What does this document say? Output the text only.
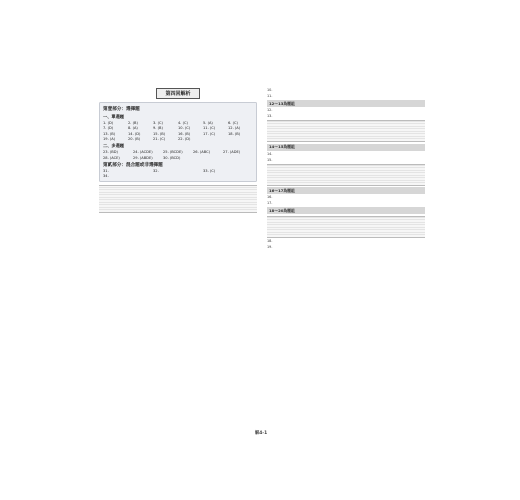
第四回解析
第壹部分：選擇題
一、單選題
1. (D)	2. (B)	3. (C)	4. (C)	5. (A)	6. (C)
7. (D)	8. (A)	9. (B)	10. (C)	11. (C)	12. (A)
13. (B)	14. (D)	15. (B)	16. (B)	17. (C)	18. (B)
19. (A)	20. (B)	21. (C)	22. (D)
二、多選題
23. (BD)	24. (ACDE)	25. (BCDE)	26. (ABC)	27. (ADE)
28. (ACE)	29. (ABDE)	30. (BCD)
第貳部分：混合題或非選擇題
31.	32.	33. (C)
34.

10.

11.

12～13為題組

12.

13.

14～15為題組

14.

15.

16～17為題組

16.

17.

18～20為題組

18.

19.

解4-1
